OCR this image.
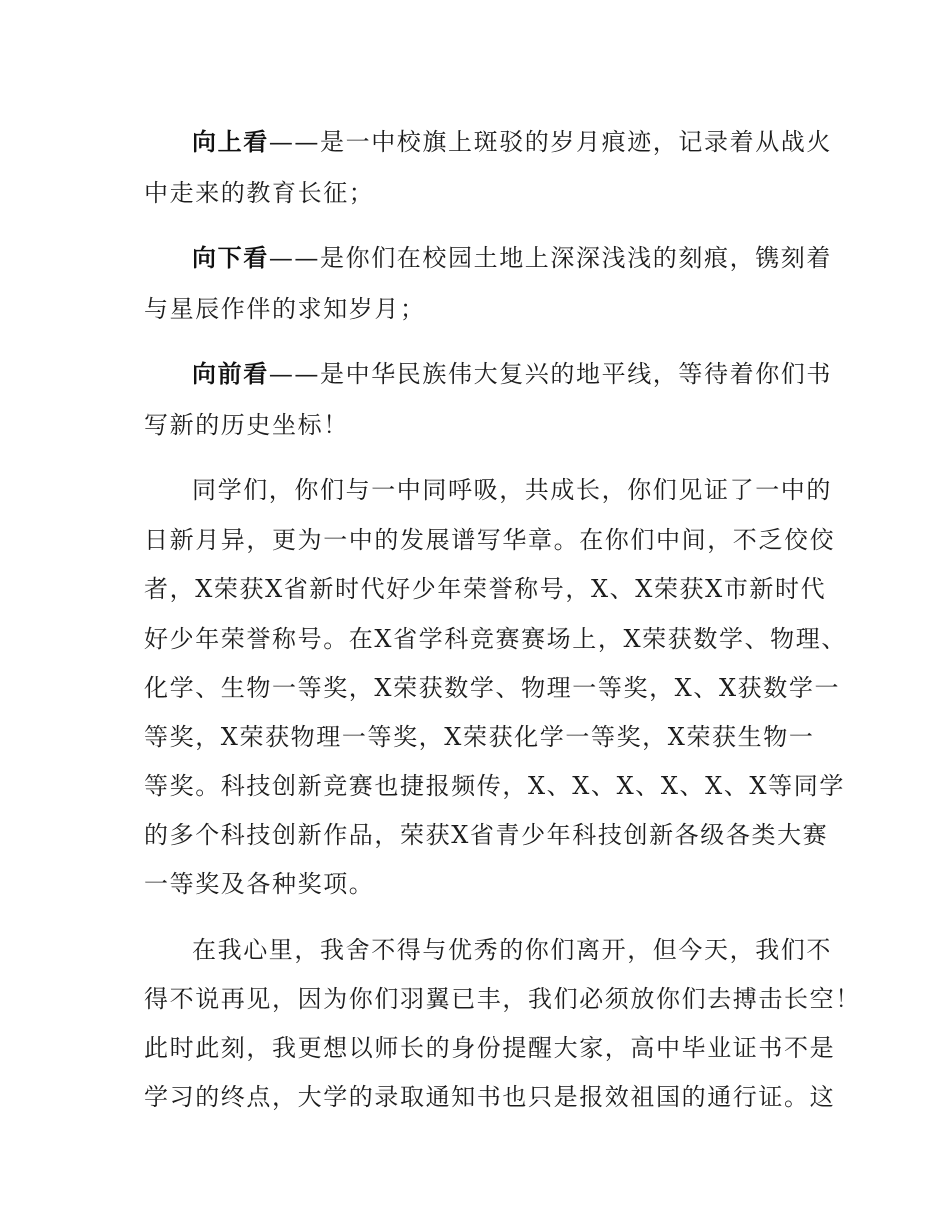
向上看——是一中校旗上斑驳的岁月痕迹，记录着从战火
中走来的教育长征；
向下看——是你们在校园土地上深深浅浅的刻痕，镌刻着
与星辰作伴的求知岁月；
向前看——是中华民族伟大复兴的地平线，等待着你们书
写新的历史坐标！
同学们，你们与一中同呼吸，共成长，你们见证了一中的
日新月异，更为一中的发展谱写华章。在你们中间，不乏佼佼
者，X荣获X省新时代好少年荣誉称号，X、X荣获X市新时代
好少年荣誉称号。在X省学科竞赛赛场上，X荣获数学、物理、
化学、生物一等奖，X荣获数学、物理一等奖，X、X获数学一
等奖，X荣获物理一等奖，X荣获化学一等奖，X荣获生物一
等奖。科技创新竞赛也捷报频传，X、X、X、X、X、X等同学
的多个科技创新作品，荣获X省青少年科技创新各级各类大赛
一等奖及各种奖项。
在我心里，我舍不得与优秀的你们离开，但今天，我们不
得不说再见，因为你们羽翼已丰，我们必须放你们去搏击长空！
此时此刻，我更想以师长的身份提醒大家，高中毕业证书不是
学习的终点，大学的录取通知书也只是报效祖国的通行证。这
